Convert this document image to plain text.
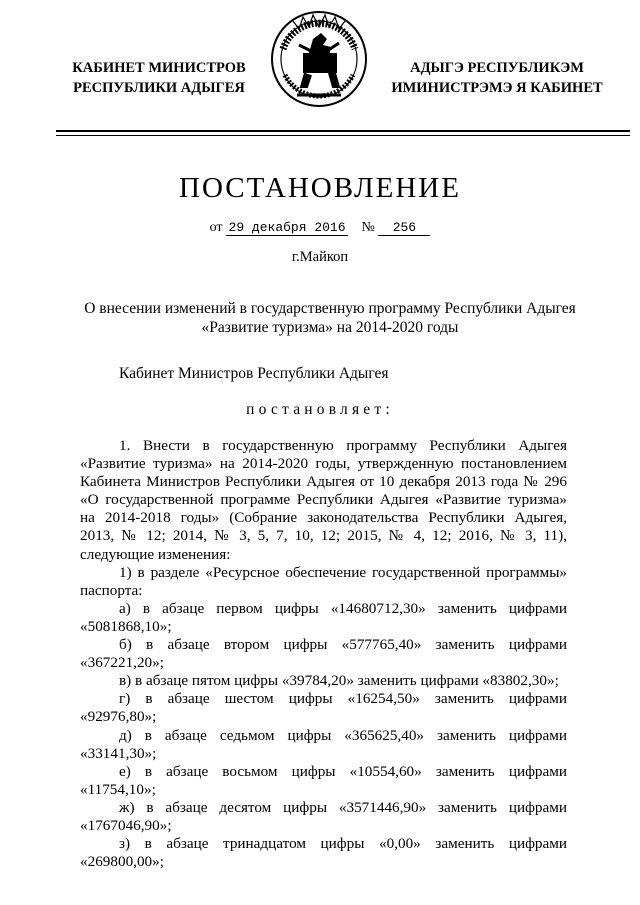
КАБИНЕТ МИНИСТРОВ
РЕСПУБЛИКИ АДЫГЕЯ
АДЫГЭ РЕСПУБЛИКЭМ
ИМИНИСТРЭМЭ Я КАБИНЕТ
ПОСТАНОВЛЕНИЕ
от 29 декабря 2016 № 256
г.Майкоп
О внесении изменений в государственную программу Республики Адыгея
«Развитие туризма» на 2014-2020 годы
Кабинет Министров Республики Адыгея
постановляет:

1. Внести в государственную программу Республики Адыгея «Развитие туризма» на 2014-2020 годы, утвержденную постановлением Кабинета Министров Республики Адыгея от 10 декабря 2013 года № 296 «О государственной программе Республики Адыгея «Развитие туризма» на 2014-2018 годы» (Собрание законодательства Республики Адыгея, 2013, № 12; 2014, № 3, 5, 7, 10, 12; 2015, № 4, 12; 2016, № 3, 11), следующие изменения:

1) в разделе «Ресурсное обеспечение государственной программы» паспорта:

а) в абзаце первом цифры «14680712,30» заменить цифрами «5081868,10»;

б) в абзаце втором цифры «577765,40» заменить цифрами «367221,20»;

в) в абзаце пятом цифры «39784,20» заменить цифрами «83802,30»;

г) в абзаце шестом цифры «16254,50» заменить цифрами «92976,80»;

д) в абзаце седьмом цифры «365625,40» заменить цифрами «33141,30»;

е) в абзаце восьмом цифры «10554,60» заменить цифрами «11754,10»;

ж) в абзаце десятом цифры «3571446,90» заменить цифрами «1767046,90»;

з) в абзаце тринадцатом цифры «0,00» заменить цифрами «269800,00»;
